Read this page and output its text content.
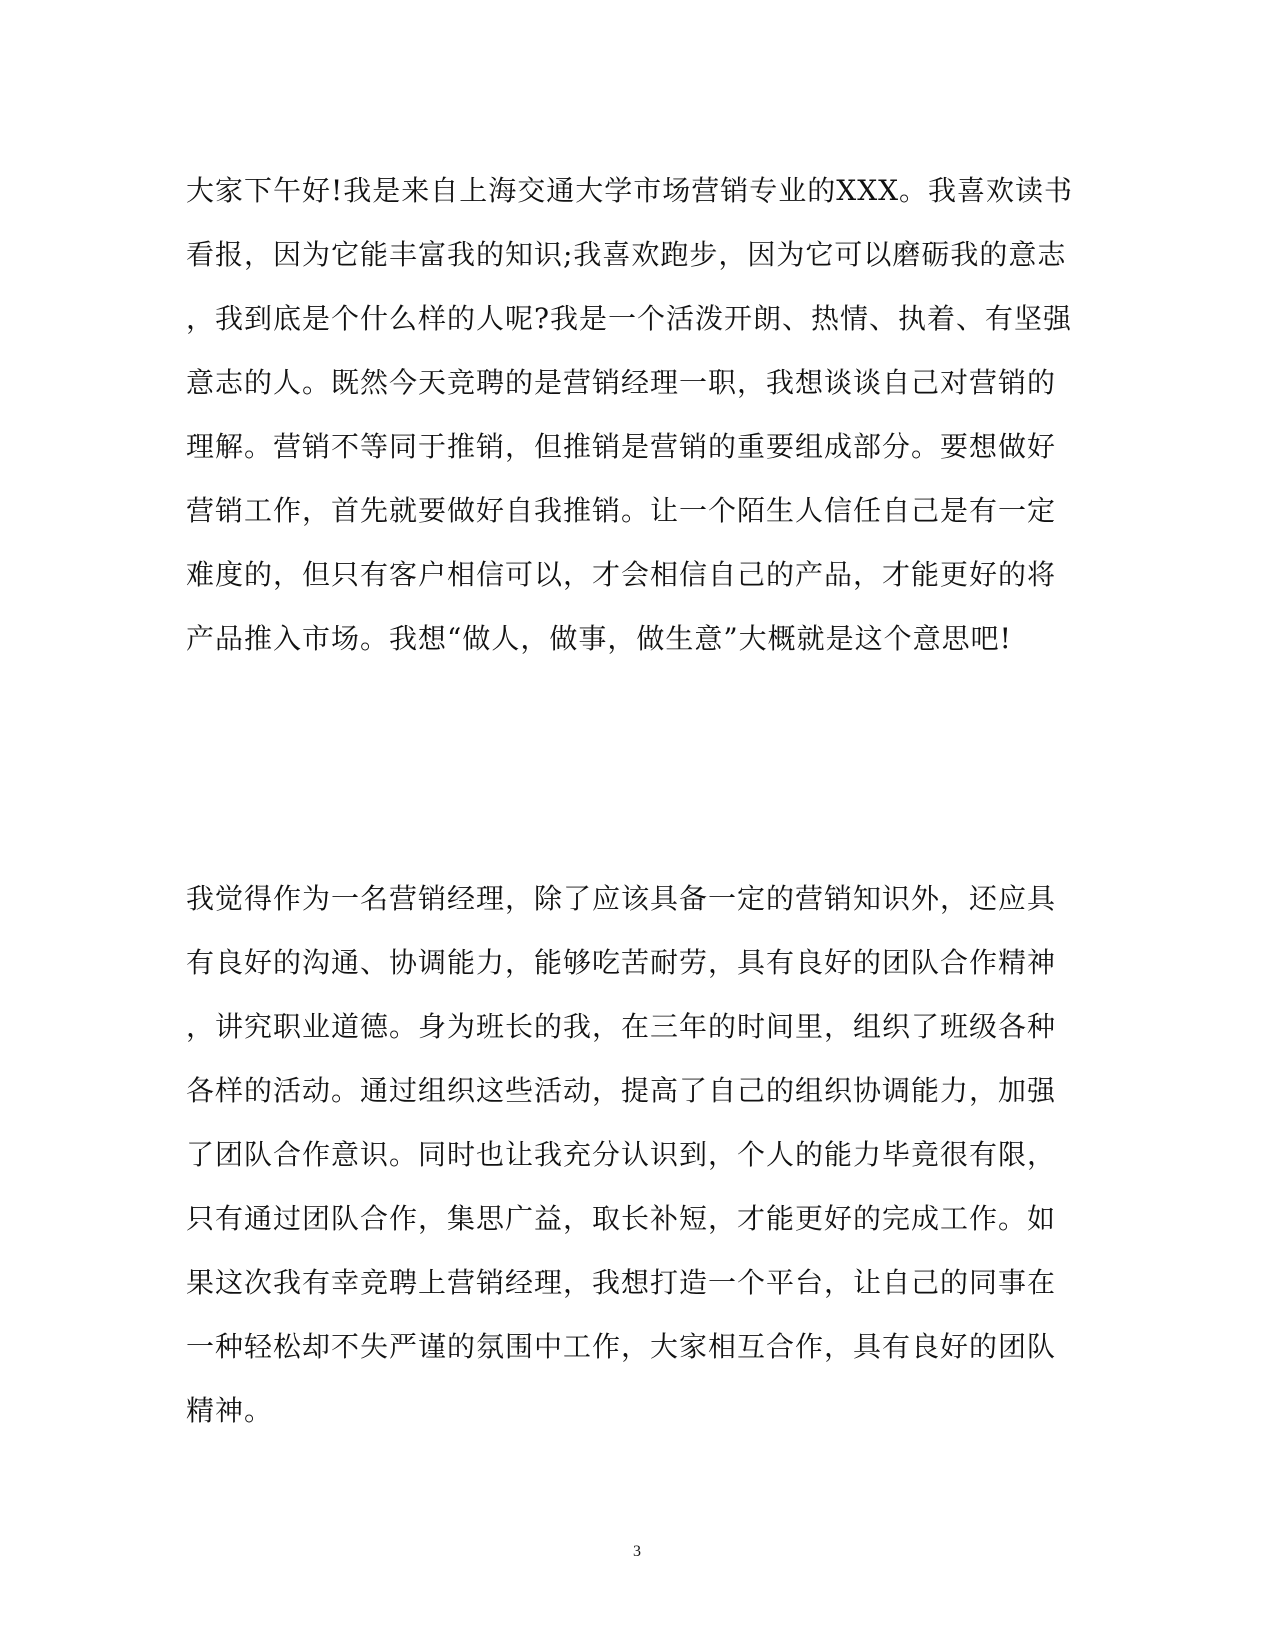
大家下午好!我是来自上海交通大学市场营销专业的XXX。我喜欢读书
看报，因为它能丰富我的知识;我喜欢跑步，因为它可以磨砺我的意志
，我到底是个什么样的人呢?我是一个活泼开朗、热情、执着、有坚强
意志的人。既然今天竞聘的是营销经理一职，我想谈谈自己对营销的
理解。营销不等同于推销，但推销是营销的重要组成部分。要想做好
营销工作，首先就要做好自我推销。让一个陌生人信任自己是有一定
难度的，但只有客户相信可以，才会相信自己的产品，才能更好的将
产品推入市场。我想“做人，做事，做生意”大概就是这个意思吧!
我觉得作为一名营销经理，除了应该具备一定的营销知识外，还应具
有良好的沟通、协调能力，能够吃苦耐劳，具有良好的团队合作精神
，讲究职业道德。身为班长的我，在三年的时间里，组织了班级各种
各样的活动。通过组织这些活动，提高了自己的组织协调能力，加强
了团队合作意识。同时也让我充分认识到，个人的能力毕竟很有限，
只有通过团队合作，集思广益，取长补短，才能更好的完成工作。如
果这次我有幸竞聘上营销经理，我想打造一个平台，让自己的同事在
一种轻松却不失严谨的氛围中工作，大家相互合作，具有良好的团队
精神。
3
